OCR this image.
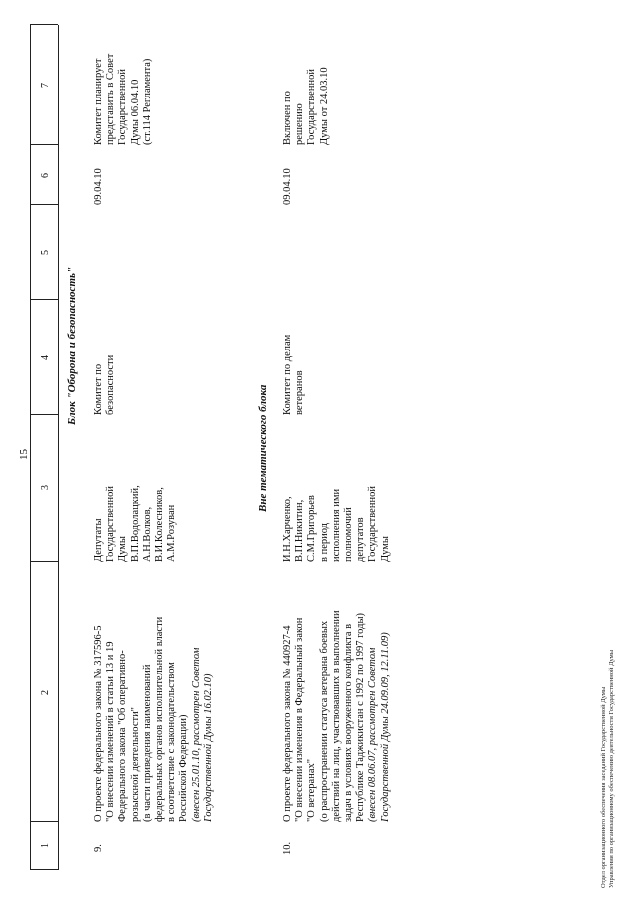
15
1
2
3
4
5
6
7
Блок "Оборона и безопасность"
9.
О проекте федерального закона № 317596-5 "О внесении изменений в статьи 13 и 19 Федерального закона "Об оперативно- розыскной деятельности" (в части приведения наименований федеральных органов исполнительной власти в соответствие с законодательством Российской Федерации) (внесен 25.01.10, рассмотрен Советом Государственной Думы 16.02.10)
Депутаты Государственной Думы В.П.Водолацкий, А.Н.Волков, В.И.Колесников, А.М.Розуван
Комитет по безопасности
09.04.10
Комитет планирует представить в Совет Государственной Думы 06.04.10 (ст.114 Регламента)
Вне тематического блока
10.
О проекте федерального закона № 440927-4 "О внесении изменения в Федеральный закон "О ветеранах" (о распространении статуса ветерана боевых действий на лиц, участвовавших в выполнении задач в условиях вооруженного конфликта в Республике Таджикистан с 1992 по 1997 годы) (внесен 08.06.07, рассмотрен Советом Государственной Думы 24.09.09, 12.11.09)
И.Н.Харченко, В.П.Никитин, С.М.Григорьев в период исполнения ими полномочий депутатов Государственной Думы
Комитет по делам ветеранов
09.04.10
Включен по решению Государственной Думы от 24.03.10
Отдел организационного обеспечения заседаний Государственной Думы Управления по организационному обеспечению деятельности Государственной Думы
